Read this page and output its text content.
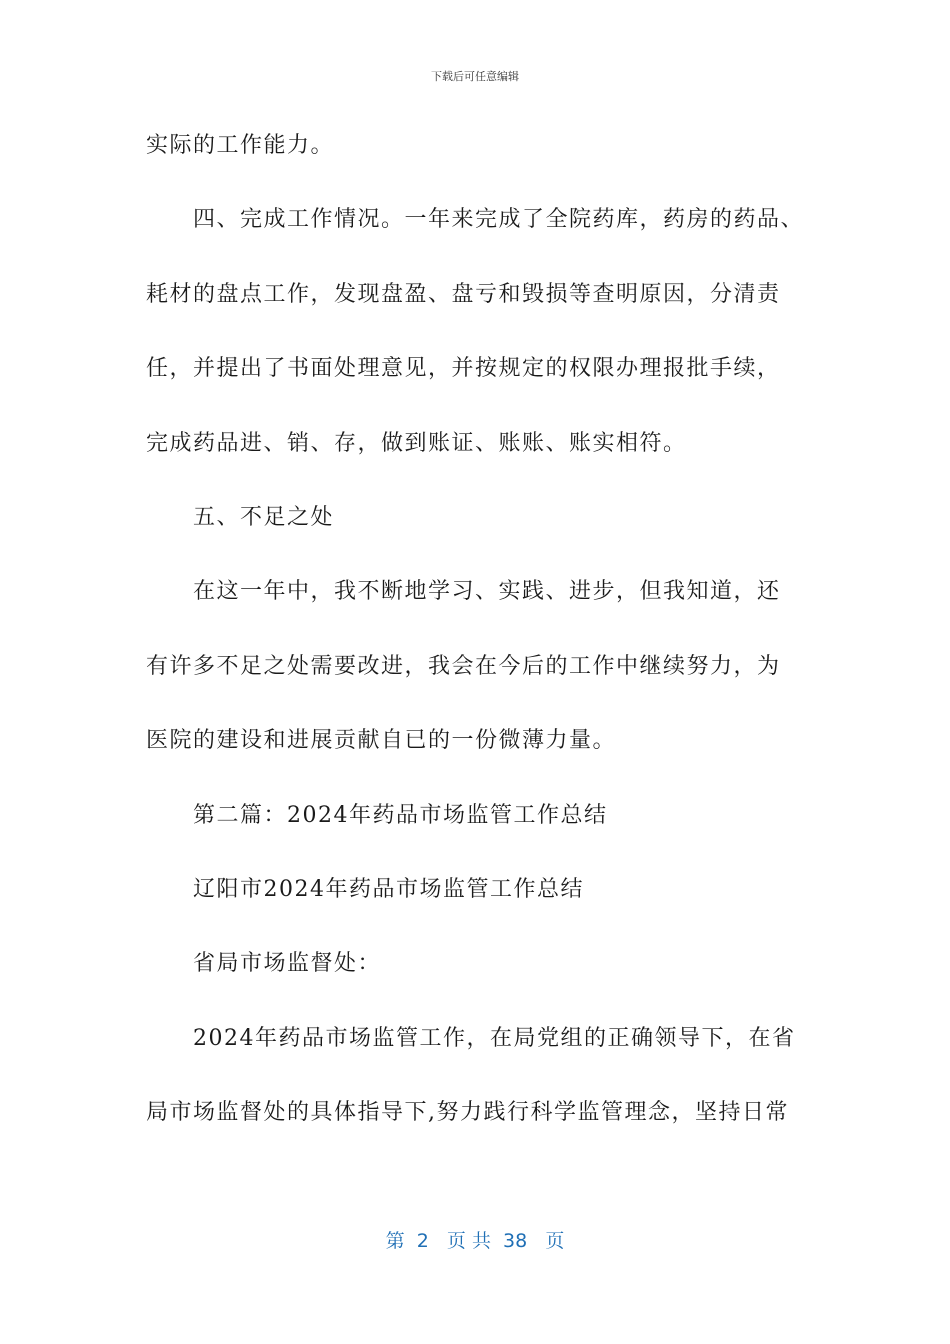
下载后可任意编辑
实际的工作能力。
四、完成工作情况。一年来完成了全院药库，药房的药品、
耗材的盘点工作，发现盘盈、盘亏和毁损等查明原因，分清责
任，并提出了书面处理意见，并按规定的权限办理报批手续，
完成药品进、销、存，做到账证、账账、账实相符。
五、不足之处
在这一年中，我不断地学习、实践、进步，但我知道，还
有许多不足之处需要改进，我会在今后的工作中继续努力，为
医院的建设和进展贡献自已的一份微薄力量。
第二篇：2024年药品市场监管工作总结
辽阳市2024年药品市场监管工作总结
省局市场监督处：
2024年药品市场监管工作，在局党组的正确领导下，在省
局市场监督处的具体指导下,努力践行科学监管理念，坚持日常
第  2   页 共  38   页
